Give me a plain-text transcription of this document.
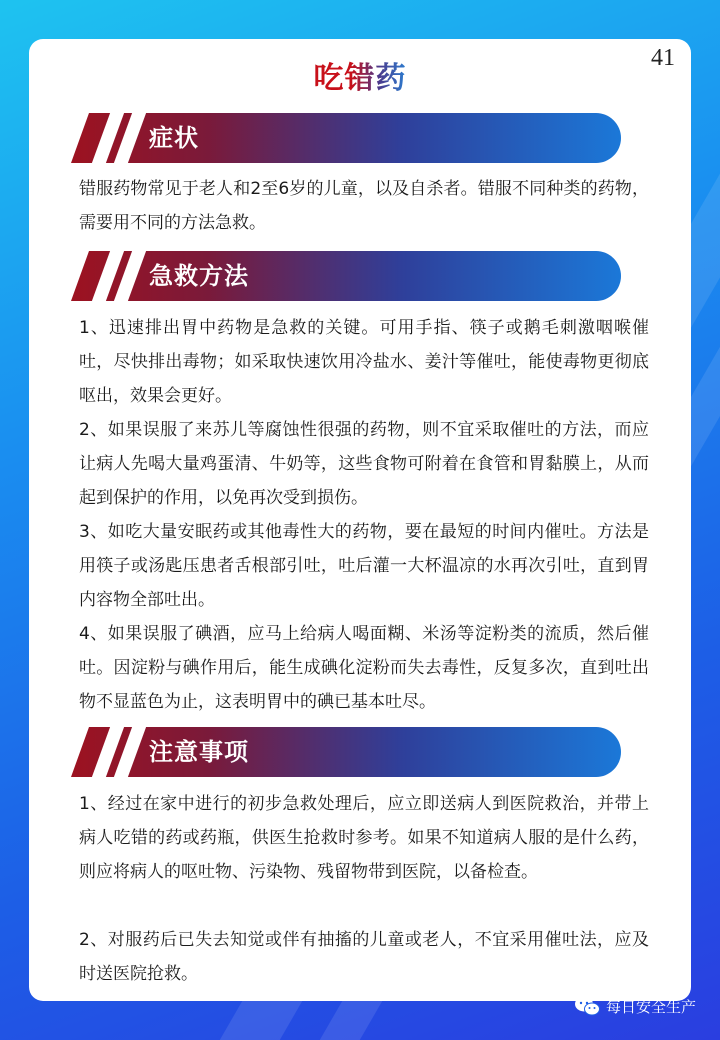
41
吃错药
症状
错服药物常见于老人和2至6岁的儿童，以及自杀者。错服不同种类的药物，需要用不同的方法急救。
急救方法
1、迅速排出胃中药物是急救的关键。可用手指、筷子或鹅毛刺激咽喉催吐，尽快排出毒物；如采取快速饮用冷盐水、姜汁等催吐，能使毒物更彻底呕出，效果会更好。
2、如果误服了来苏儿等腐蚀性很强的药物，则不宜采取催吐的方法，而应让病人先喝大量鸡蛋清、牛奶等，这些食物可附着在食管和胃黏膜上，从而起到保护的作用，以免再次受到损伤。
3、如吃大量安眠药或其他毒性大的药物，要在最短的时间内催吐。方法是用筷子或汤匙压患者舌根部引吐，吐后灌一大杯温凉的水再次引吐，直到胃内容物全部吐出。
4、如果误服了碘酒，应马上给病人喝面糊、米汤等淀粉类的流质，然后催吐。因淀粉与碘作用后，能生成碘化淀粉而失去毒性，反复多次，直到吐出物不显蓝色为止，这表明胃中的碘已基本吐尽。
注意事项
1、经过在家中进行的初步急救处理后，应立即送病人到医院救治，并带上病人吃错的药或药瓶，供医生抢救时参考。如果不知道病人服的是什么药，则应将病人的呕吐物、污染物、残留物带到医院，以备检查。
2、对服药后已失去知觉或伴有抽搐的儿童或老人，不宜采用催吐法，应及时送医院抢救。
每日安全生产
